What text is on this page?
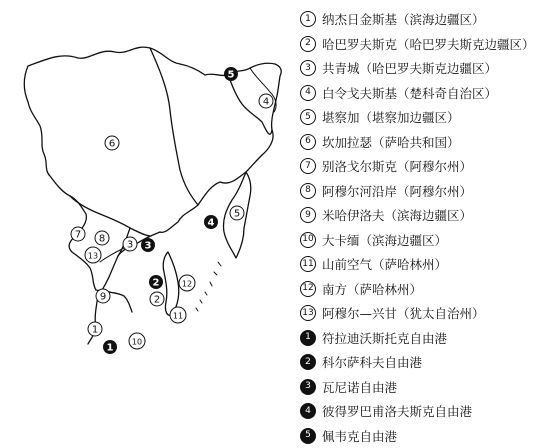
6
4
5
7
13
8
3
12
9	2
11
1
10
5
4
3
2
1
1 纳杰日金斯基（滨海边疆区）
2 哈巴罗夫斯克（哈巴罗夫斯克边疆区）
3 共青城（哈巴罗夫斯克边疆区）
4 白令戈夫斯基（楚科奇自治区）
5 堪察加（堪察加边疆区）
6 坎加拉瑟（萨哈共和国）
7 别洛戈尔斯克（阿穆尔州）
8 阿穆尔河沿岸（阿穆尔州）
9 米哈伊洛夫（滨海边疆区）
10 大卡缅（滨海边疆区）
11 山前空气（萨哈林州）
12 南方（萨哈林州）
13 阿穆尔—兴甘（犹太自治州）
1 符拉迪沃斯托克自由港
2 科尔萨科夫自由港
3 瓦尼诺自由港
4 彼得罗巴甫洛夫斯克自由港
5 佩韦克自由港
